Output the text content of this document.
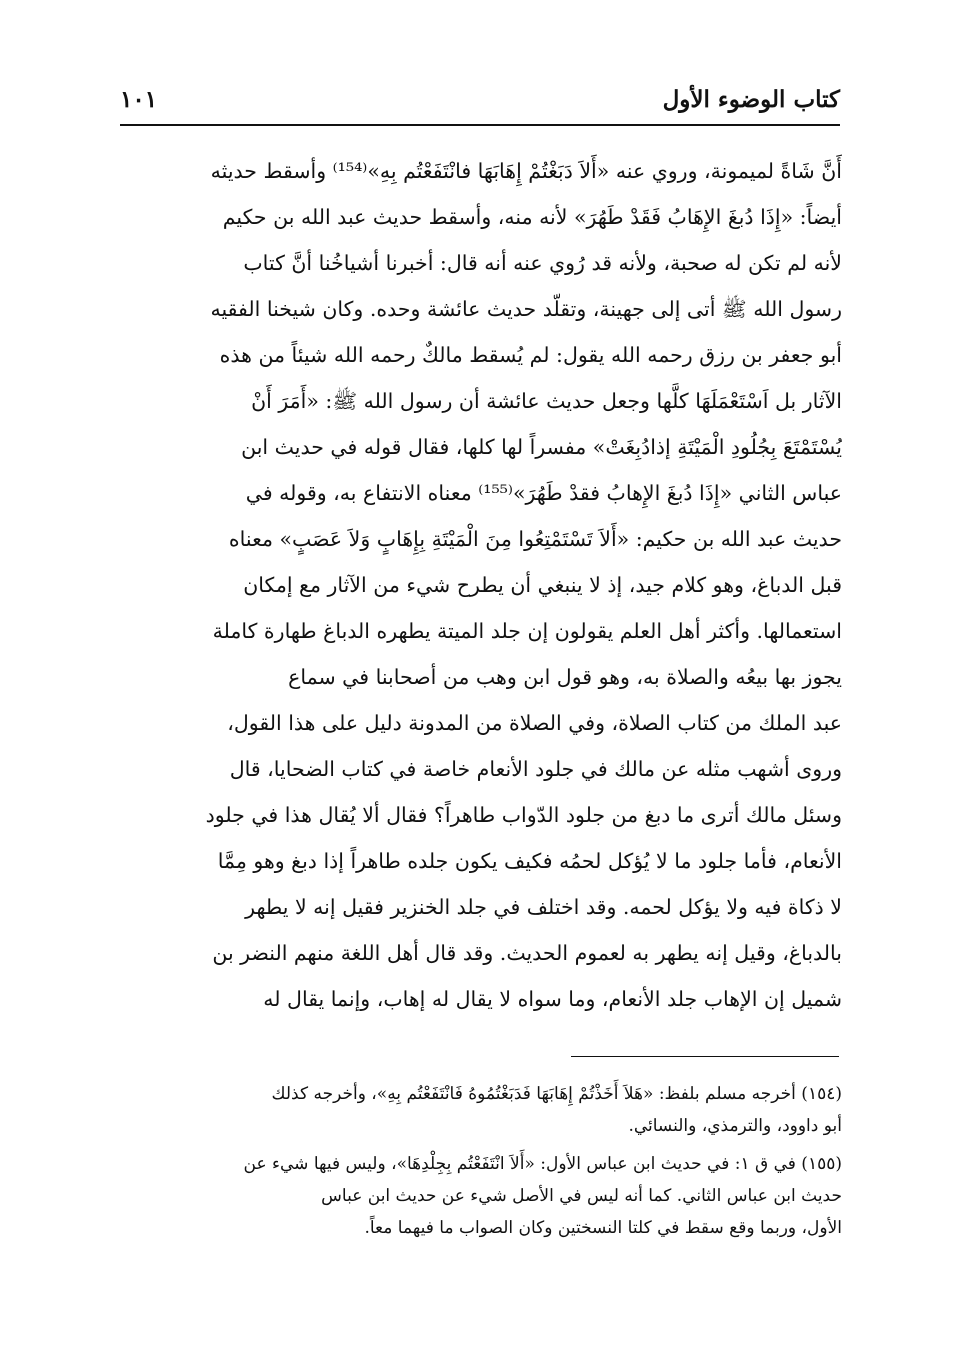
كتاب الوضوء الأول
١٠١
أَنَّ شَاةً لميمونة، وروي عنه «أَلاَ دَبَغْتُمْ إِهَابَهَا فانْتَفَعْتُم بِهِ»⁽¹⁵⁴⁾ وأسقط حديثه
أيضاً: «إِذَا دُبغَ الإِهَابُ فَقَدْ طَهُرَ» لأنه منه، وأسقط حديث عبد الله بن حكيم
لأنه لم تكن له صحبة، ولأنه قد رُوي عنه أنه قال: أخبرنا أشياخُنا أنَّ كتاب
رسول الله ﷺ أتى إلى جهينة، وتقلّد حديث عائشة وحده. وكان شيخنا الفقيه
أبو جعفر بن رزق رحمه الله يقول: لم يُسقط مالكٌ رحمه الله شيئاً من هذه
الآثار بل اَسْتَعْمَلَهَا كلَّها وجعل حديث عائشة أن رسول الله ﷺ: «أَمَرَ أَنْ
يُسْتَمْتَعَ بِجُلُودِ الْمَيْتَةِ إذادُبِغَتْ» مفسراً لها كلها، فقال قوله في حديث ابن
عباس الثاني «إِذَا دُبغَ الإِهابُ فقدْ طَهُرَ»⁽¹⁵⁵⁾ معناه الانتفاع به، وقوله في
حديث عبد الله بن حكيم: «أَلاَ تَسْتَمْتِعُوا مِنَ الْمَيْتَةِ بِإِهَابٍ وَلاَ عَصَبٍ» معناه
قبل الدباغ، وهو كلام جيد، إذ لا ينبغي أن يطرح شيء من الآثار مع إمكان
استعمالها. وأكثر أهل العلم يقولون إن جلد الميتة يطهره الدباغ طهارة كاملة
يجوز بها بيعُه والصلاة به، وهو قول ابن وهب من أصحابنا في سماع
عبد الملك من كتاب الصلاة، وفي الصلاة من المدونة دليل على هذا القول،
وروى أشهب مثله عن مالك في جلود الأنعام خاصة في كتاب الضحايا، قال
وسئل مالك أترى ما دبغ من جلود الدّواب طاهراً؟ فقال ألا يُقال هذا في جلود
الأنعام، فأما جلود ما لا يُؤكل لحمُه فكيف يكون جلده طاهراً إذا دبغ وهو مِمَّا
لا ذكاة فيه ولا يؤكل لحمه. وقد اختلف في جلد الخنزير فقيل إنه لا يطهر
بالدباغ، وقيل إنه يطهر به لعموم الحديث. وقد قال أهل اللغة منهم النضر بن
شميل إن الإهاب جلد الأنعام، وما سواه لا يقال له إهاب، وإنما يقال له
(١٥٤) أخرجه مسلم بلفظ: «هَلاَ أَخَذْتُمْ إِهَابَهَا فَدَبَغْتُمُوهُ فَانْتَفَعْتُم بِهِ»، وأخرجه كذلك
أبو داوود، والترمذي، والنسائي.
(١٥٥) في ق ١: في حديث ابن عباس الأول: «أَلاَ انْتَفَعْتُم بِجِلْدِهَا»، وليس فيها شيء عن
حديث ابن عباس الثاني. كما أنه ليس في الأصل شيء عن حديث ابن عباس
الأول، وربما وقع سقط في كلتا النسختين وكان الصواب ما فيهما معاً.
